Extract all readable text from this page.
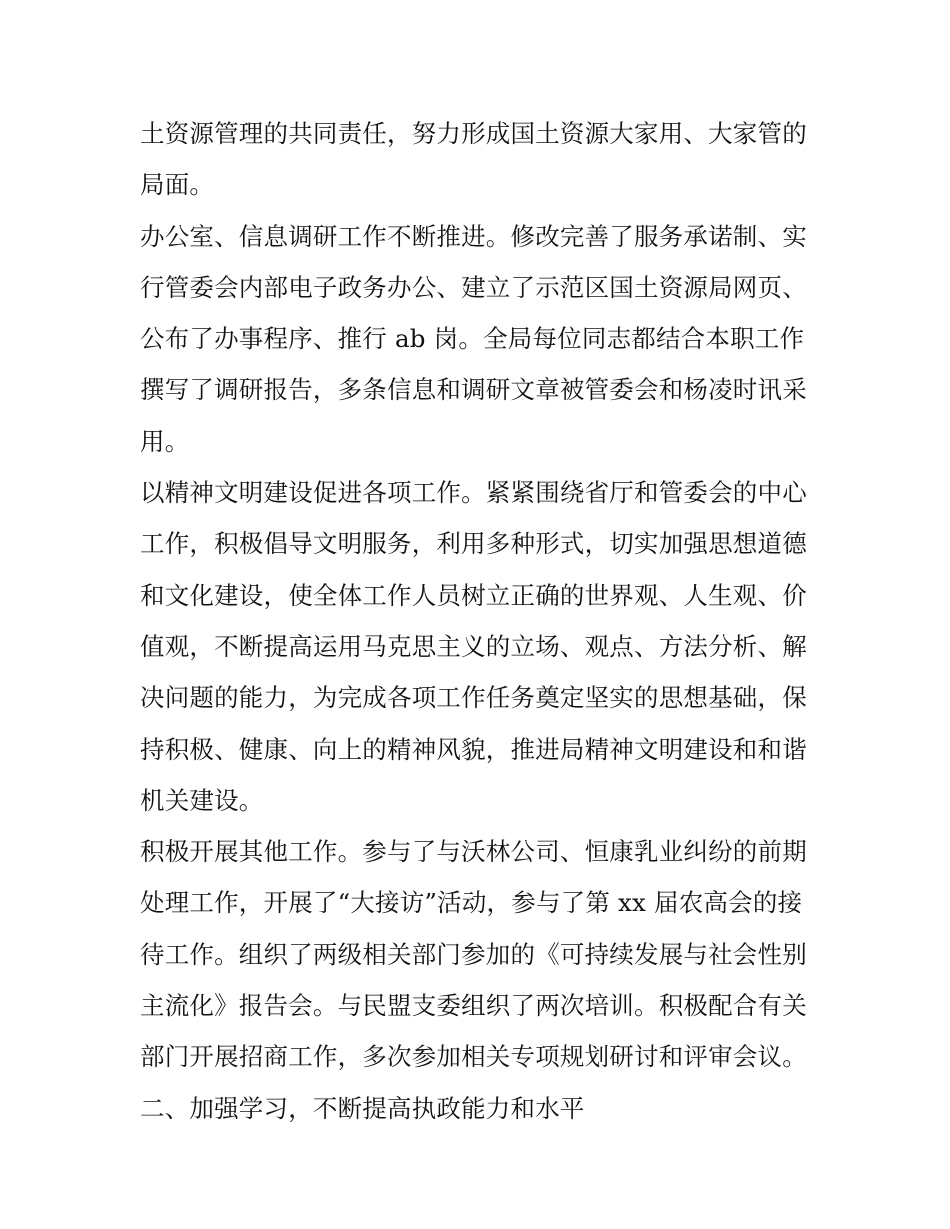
土资源管理的共同责任，努力形成国土资源大家用、大家管的
局面。
办公室、信息调研工作不断推进。修改完善了服务承诺制、实
行管委会内部电子政务办公、建立了示范区国土资源局网页、
公布了办事程序、推行 ab 岗。全局每位同志都结合本职工作
撰写了调研报告，多条信息和调研文章被管委会和杨凌时讯采
用。
以精神文明建设促进各项工作。紧紧围绕省厅和管委会的中心
工作，积极倡导文明服务，利用多种形式，切实加强思想道德
和文化建设，使全体工作人员树立正确的世界观、人生观、价
值观，不断提高运用马克思主义的立场、观点、方法分析、解
决问题的能力，为完成各项工作任务奠定坚实的思想基础，保
持积极、健康、向上的精神风貌，推进局精神文明建设和和谐
机关建设。
积极开展其他工作。参与了与沃林公司、恒康乳业纠纷的前期
处理工作，开展了“大接访”活动，参与了第 xx 届农高会的接
待工作。组织了两级相关部门参加的《可持续发展与社会性别
主流化》报告会。与民盟支委组织了两次培训。积极配合有关
部门开展招商工作，多次参加相关专项规划研讨和评审会议。
二、加强学习，不断提高执政能力和水平
